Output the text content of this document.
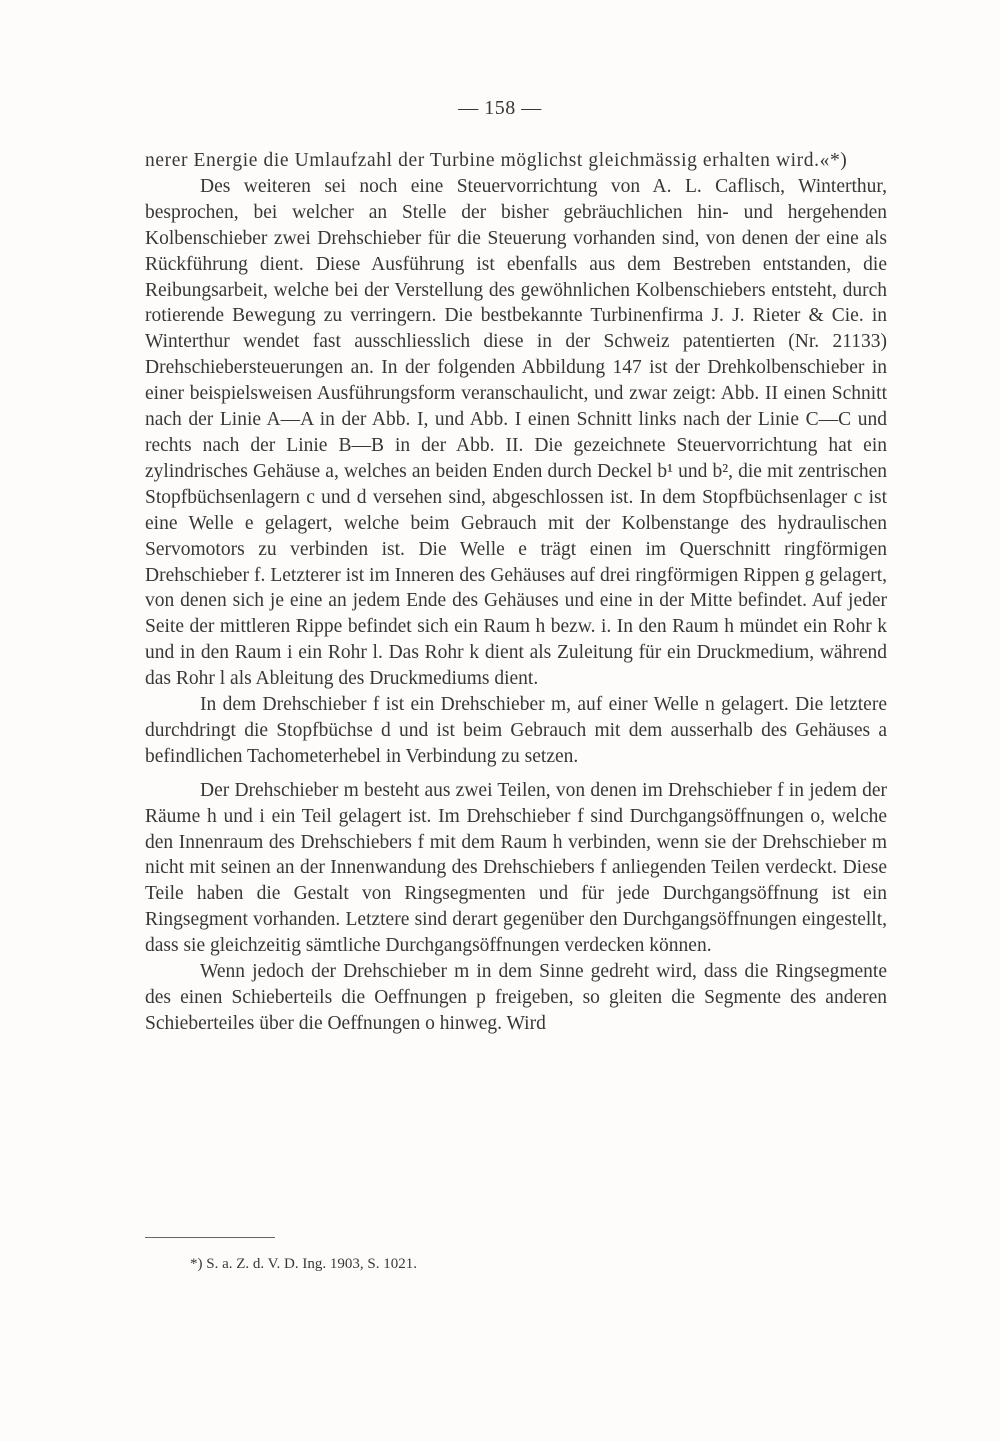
— 158 —

nerer Energie die Umlaufzahl der Turbine möglichst gleichmässig erhalten wird.«*)

Des weiteren sei noch eine Steuervorrichtung von A. L. Caflisch, Winterthur, besprochen, bei welcher an Stelle der bisher gebräuchlichen hin- und hergehenden Kolbenschieber zwei Drehschieber für die Steuerung vorhanden sind, von denen der eine als Rückführung dient. Diese Ausführung ist ebenfalls aus dem Bestreben entstanden, die Reibungsarbeit, welche bei der Verstellung des gewöhnlichen Kolbenschiebers entsteht, durch rotierende Bewegung zu verringern. Die bestbekannte Turbinenfirma J. J. Rieter & Cie. in Winterthur wendet fast ausschliesslich diese in der Schweiz patentierten (Nr. 21133) Drehschiebersteuerungen an. In der folgenden Abbildung 147 ist der Drehkolbenschieber in einer beispielsweisen Ausführungsform veranschaulicht, und zwar zeigt: Abb. II einen Schnitt nach der Linie A—A in der Abb. I, und Abb. I einen Schnitt links nach der Linie C—C und rechts nach der Linie B—B in der Abb. II. Die gezeichnete Steuervorrichtung hat ein zylindrisches Gehäuse a, welches an beiden Enden durch Deckel b¹ und b², die mit zentrischen Stopfbüchsenlagern c und d versehen sind, abgeschlossen ist. In dem Stopfbüchsenlager c ist eine Welle e gelagert, welche beim Gebrauch mit der Kolbenstange des hydraulischen Servomotors zu verbinden ist. Die Welle e trägt einen im Querschnitt ringförmigen Drehschieber f. Letzterer ist im Inneren des Gehäuses auf drei ringförmigen Rippen g gelagert, von denen sich je eine an jedem Ende des Gehäuses und eine in der Mitte befindet. Auf jeder Seite der mittleren Rippe befindet sich ein Raum h bezw. i. In den Raum h mündet ein Rohr k und in den Raum i ein Rohr l. Das Rohr k dient als Zuleitung für ein Druckmedium, während das Rohr l als Ableitung des Druckmediums dient.

In dem Drehschieber f ist ein Drehschieber m, auf einer Welle n gelagert. Die letztere durchdringt die Stopfbüchse d und ist beim Gebrauch mit dem ausserhalb des Gehäuses a befindlichen Tachometerhebel in Verbindung zu setzen.

Der Drehschieber m besteht aus zwei Teilen, von denen im Drehschieber f in jedem der Räume h und i ein Teil gelagert ist. Im Drehschieber f sind Durchgangsöffnungen o, welche den Innenraum des Drehschiebers f mit dem Raum h verbinden, wenn sie der Drehschieber m nicht mit seinen an der Innenwandung des Drehschiebers f anliegenden Teilen verdeckt. Diese Teile haben die Gestalt von Ringsegmenten und für jede Durchgangsöffnung ist ein Ringsegment vorhanden. Letztere sind derart gegenüber den Durchgangsöffnungen eingestellt, dass sie gleichzeitig sämtliche Durchgangsöffnungen verdecken können.

Wenn jedoch der Drehschieber m in dem Sinne gedreht wird, dass die Ringsegmente des einen Schieberteils die Oeffnungen p freigeben, so gleiten die Segmente des anderen Schieberteiles über die Oeffnungen o hinweg. Wird

*) S. a. Z. d. V. D. Ing. 1903, S. 1021.
